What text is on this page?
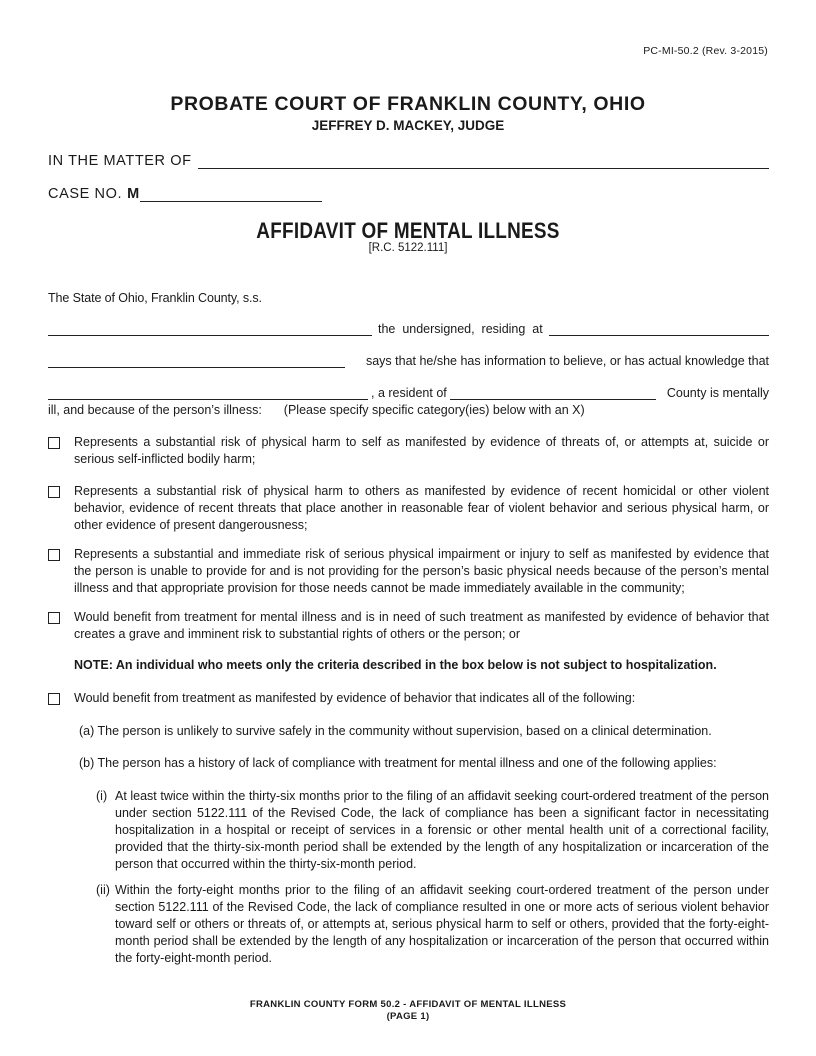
PC-MI-50.2 (Rev. 3-2015)
PROBATE COURT OF FRANKLIN COUNTY, OHIO
JEFFREY D. MACKEY, JUDGE
IN THE MATTER OF
CASE NO. M
AFFIDAVIT OF MENTAL ILLNESS
[R.C. 5122.111]
The State of Ohio, Franklin County, s.s.
the  undersigned,  residing  at
says that he/she has information to believe, or has actual knowledge that
, a resident of	County is mentally
ill, and because of the person’s illness: (Please specify specific category(ies) below with an X)
Represents a substantial risk of physical harm to self as manifested by evidence of threats of, or attempts at, suicide or serious self-inflicted bodily harm;
Represents a substantial risk of physical harm to others as manifested by evidence of recent homicidal or other violent behavior, evidence of recent threats that place another in reasonable fear of violent behavior and serious physical harm, or other evidence of present dangerousness;
Represents a substantial and immediate risk of serious physical impairment or injury to self as manifested by evidence that the person is unable to provide for and is not providing for the person’s basic physical needs because of the person’s mental illness and that appropriate provision for those needs cannot be made immediately available in the community;
Would benefit from treatment for mental illness and is in need of such treatment as manifested by evidence of behavior that creates a grave and imminent risk to substantial rights of others or the person; or
NOTE: An individual who meets only the criteria described in the box below is not subject to hospitalization.
Would benefit from treatment as manifested by evidence of behavior that indicates all of the following:
(a) The person is unlikely to survive safely in the community without supervision, based on a clinical determination.
(b) The person has a history of lack of compliance with treatment for mental illness and one of the following applies:
(i) At least twice within the thirty-six months prior to the filing of an affidavit seeking court-ordered treatment of the person under section 5122.111 of the Revised Code, the lack of compliance has been a significant factor in necessitating hospitalization in a hospital or receipt of services in a forensic or other mental health unit of a correctional facility, provided that the thirty-six-month period shall be extended by the length of any hospitalization or incarceration of the person that occurred within the thirty-six-month period.
(ii) Within the forty-eight months prior to the filing of an affidavit seeking court-ordered treatment of the person under section 5122.111 of the Revised Code, the lack of compliance resulted in one or more acts of serious violent behavior toward self or others or threats of, or attempts at, serious physical harm to self or others, provided that the forty-eight-month period shall be extended by the length of any hospitalization or incarceration of the person that occurred within the forty-eight-month period.
FRANKLIN COUNTY FORM 50.2 - AFFIDAVIT OF MENTAL ILLNESS
(PAGE 1)
